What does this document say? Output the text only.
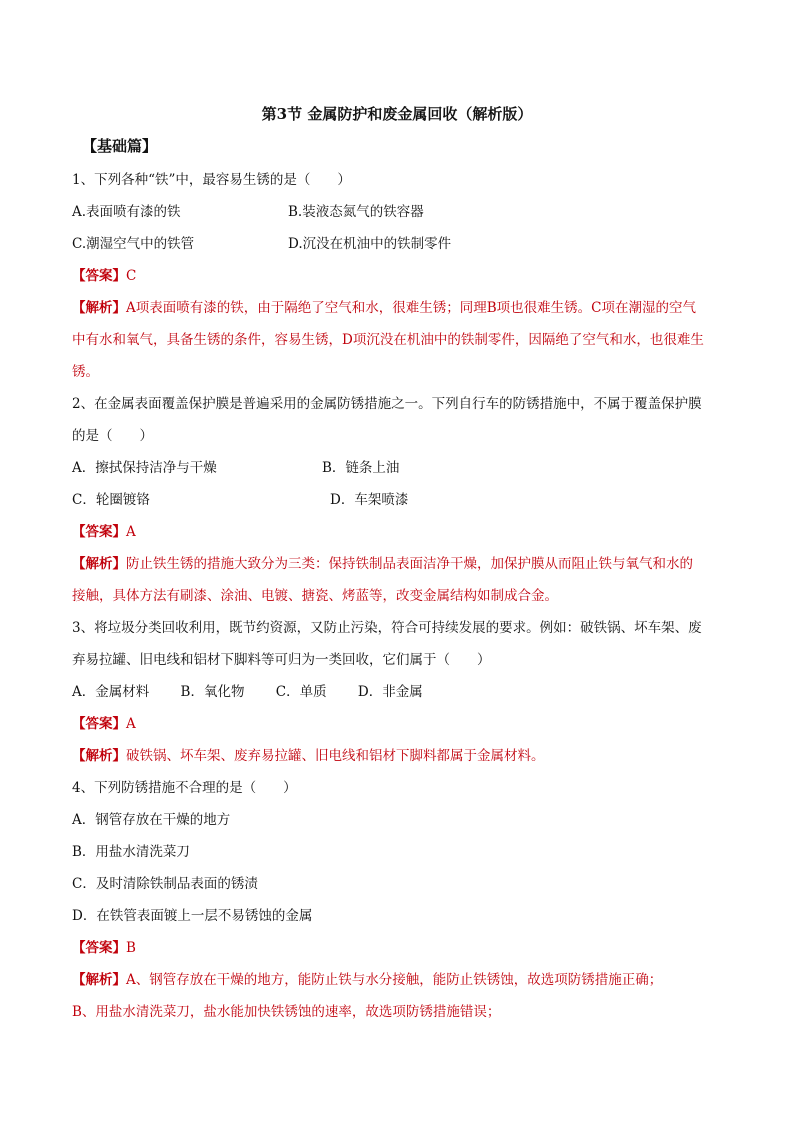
第3节 金属防护和废金属回收（解析版）
【基础篇】
1、下列各种“铁”中，最容易生锈的是（　　）
A.表面喷有漆的铁	B.装液态氮气的铁容器
C.潮湿空气中的铁管	D.沉没在机油中的铁制零件
【答案】C
【解析】A项表面喷有漆的铁，由于隔绝了空气和水，很难生锈；同理B项也很难生锈。C项在潮湿的空气
中有水和氧气，具备生锈的条件，容易生锈，D项沉没在机油中的铁制零件，因隔绝了空气和水，也很难生
锈。
2、在金属表面覆盖保护膜是普遍采用的金属防锈措施之一。下列自行车的防锈措施中，不属于覆盖保护膜
的是（　　）
A．擦拭保持洁净与干燥	B．链条上油
C．轮圈镀铬	D．车架喷漆
【答案】A
【解析】防止铁生锈的措施大致分为三类：保持铁制品表面洁净干燥，加保护膜从而阻止铁与氧气和水的
接触，具体方法有刷漆、涂油、电镀、搪瓷、烤蓝等，改变金属结构如制成合金。
3、将垃圾分类回收利用，既节约资源，又防止污染，符合可持续发展的要求。例如：破铁锅、坏车架、废
弃易拉罐、旧电线和铝材下脚料等可归为一类回收，它们属于（　　）
A．金属材料　　 B．氧化物　　 C．单质　　 D．非金属
【答案】A
【解析】破铁锅、坏车架、废弃易拉罐、旧电线和铝材下脚料都属于金属材料。
4、下列防锈措施不合理的是（　　）
A．钢管存放在干燥的地方
B．用盐水清洗菜刀
C．及时清除铁制品表面的锈渍
D．在铁管表面镀上一层不易锈蚀的金属
【答案】B
【解析】A、钢管存放在干燥的地方，能防止铁与水分接触，能防止铁锈蚀，故选项防锈措施正确；
B、用盐水清洗菜刀，盐水能加快铁锈蚀的速率，故选项防锈措施错误；
